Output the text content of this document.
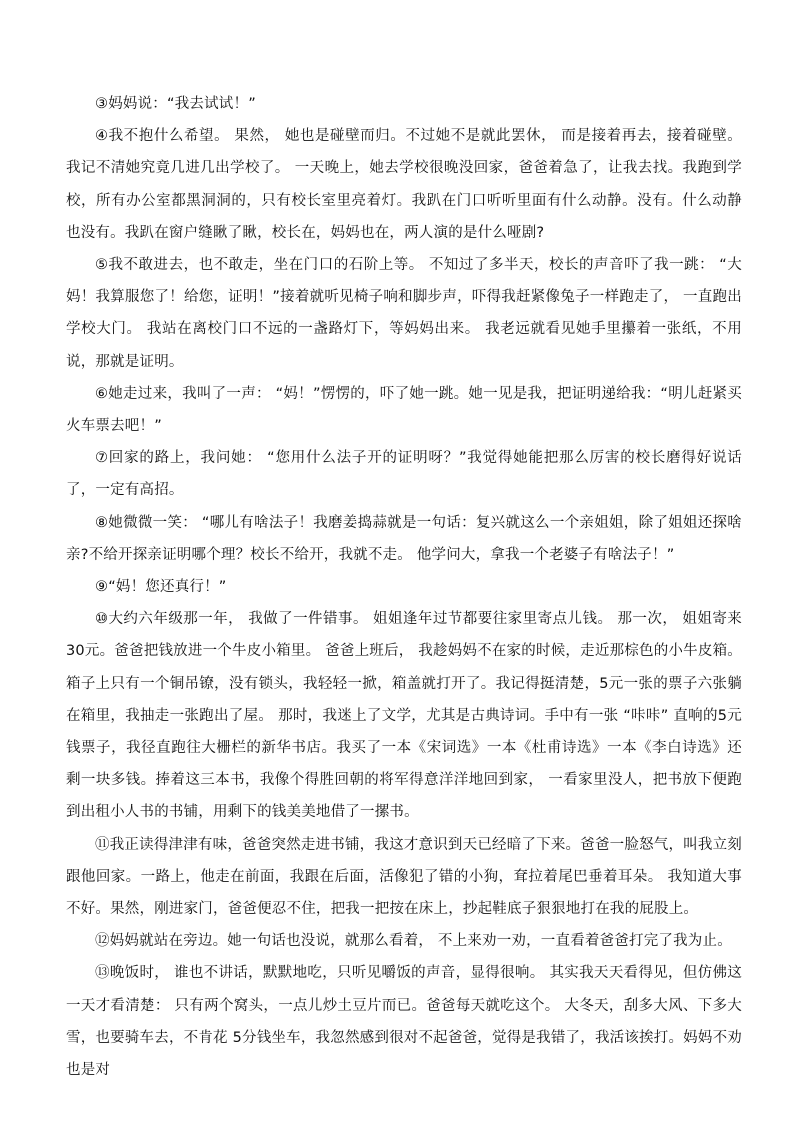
③妈妈说：“我去试试！”

④我不抱什么希望。 果然， 她也是碰壁而归。不过她不是就此罢休， 而是接着再去，接着碰壁。 我记不清她究竟几进几出学校了。 一天晚上，她去学校很晚没回家，爸爸着急了，让我去找。我跑到学校，所有办公室都黑洞洞的，只有校长室里亮着灯。我趴在门口听听里面有什么动静。没有。什么动静也没有。我趴在窗户缝瞅了瞅，校长在，妈妈也在，两人演的是什么哑剧?

⑤我不敢进去，也不敢走，坐在门口的石阶上等。 不知过了多半天，校长的声音吓了我一跳： “大妈！我算服您了！给您，证明！”接着就听见椅子响和脚步声，吓得我赶紧像兔子一样跑走了， 一直跑出学校大门。 我站在离校门口不远的一盏路灯下，等妈妈出来。 我老远就看见她手里攥着一张纸，不用说，那就是证明。

⑥她走过来，我叫了一声： “妈！”愣愣的，吓了她一跳。她一见是我，把证明递给我：“明儿赶紧买火车票去吧！”

⑦回家的路上，我问她： “您用什么法子开的证明呀？”我觉得她能把那么厉害的校长磨得好说话了，一定有高招。

⑧她微微一笑： “哪儿有啥法子！我磨姜捣蒜就是一句话：复兴就这么一个亲姐姐，除了姐姐还探啥亲?不给开探亲证明哪个理？校长不给开，我就不走。 他学问大，拿我一个老婆子有啥法子！”

⑨“妈！您还真行！”

⑩大约六年级那一年， 我做了一件错事。 姐姐逢年过节都要往家里寄点儿钱。 那一次， 姐姐寄来 30元。爸爸把钱放进一个牛皮小箱里。 爸爸上班后， 我趁妈妈不在家的时候，走近那棕色的小牛皮箱。箱子上只有一个铜吊镣，没有锁头，我轻轻一掀，箱盖就打开了。我记得挺清楚，5元一张的票子六张躺在箱里，我抽走一张跑出了屋。 那时，我迷上了文学，尤其是古典诗词。手中有一张 “咔咔” 直响的5元钱票子，我径直跑往大栅栏的新华书店。我买了一本《宋词选》一本《杜甫诗选》一本《李白诗选》还剩一块多钱。捧着这三本书，我像个得胜回朝的将军得意洋洋地回到家， 一看家里没人，把书放下便跑到出租小人书的书铺，用剩下的钱美美地借了一摞书。

⑪我正读得津津有味，爸爸突然走进书铺，我这才意识到天已经暗了下来。爸爸一脸怒气，叫我立刻跟他回家。一路上，他走在前面，我跟在后面，活像犯了错的小狗，耷拉着尾巴垂着耳朵。 我知道大事不好。果然，刚进家门，爸爸便忍不住，把我一把按在床上，抄起鞋底子狠狠地打在我的屁股上。

⑫妈妈就站在旁边。她一句话也没说，就那么看着， 不上来劝一劝，一直看着爸爸打完了我为止。

⑬晚饭时， 谁也不讲话，默默地吃，只听见嚼饭的声音，显得很响。 其实我天天看得见，但仿佛这一天才看清楚： 只有两个窝头，一点儿炒土豆片而已。爸爸每天就吃这个。 大冬天，刮多大风、下多大雪，也要骑车去，不肯花 5分钱坐车，我忽然感到很对不起爸爸，觉得是我错了，我活该挨打。妈妈不劝也是对
